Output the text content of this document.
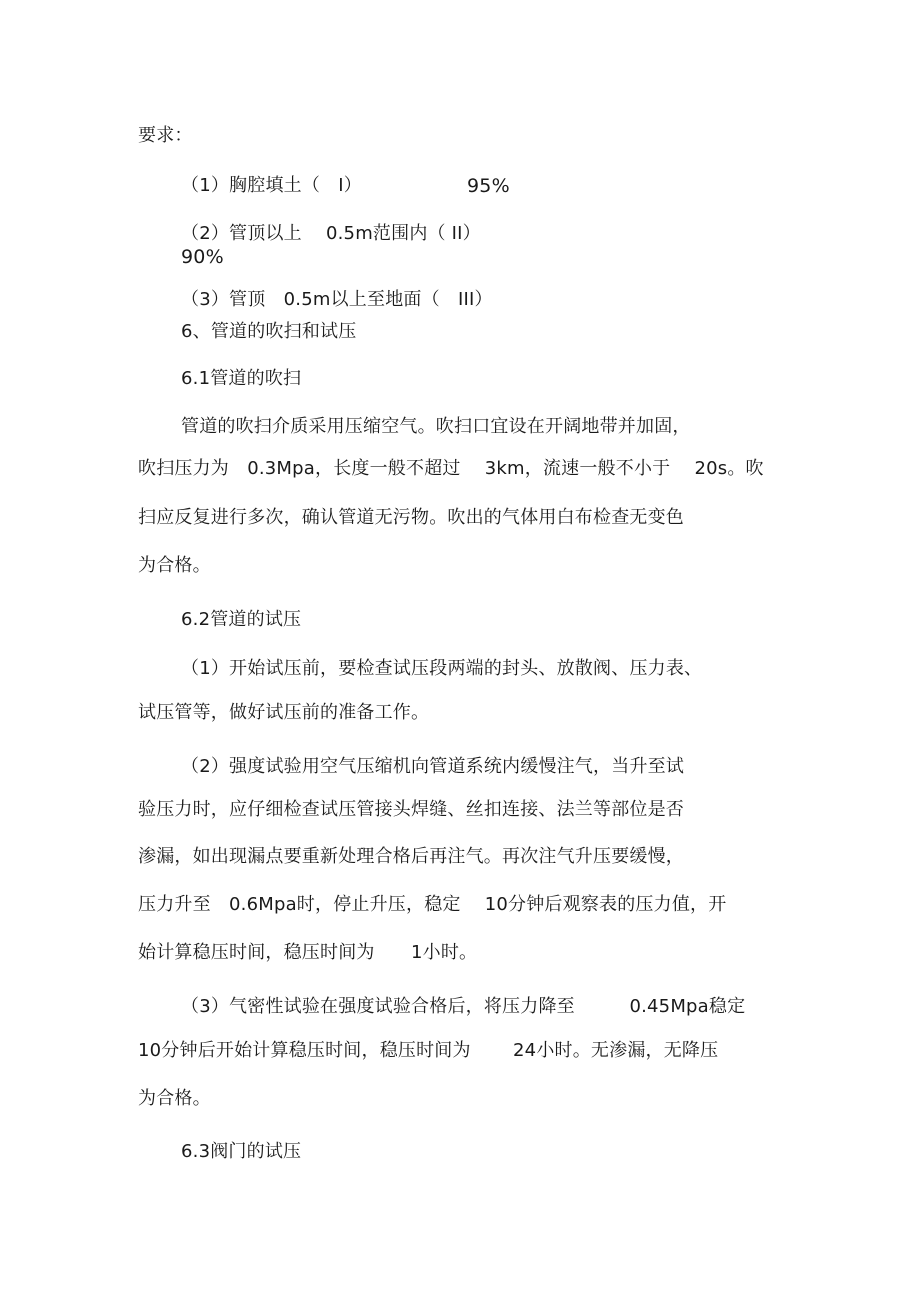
要求：
（1）胸腔填土（　I）	95%
（2）管顶以上　 0.5m范围内（ II）
90%
（3）管顶　0.5m以上至地面（　III）
6、管道的吹扫和试压
6.1管道的吹扫
管道的吹扫介质采用压缩空气。吹扫口宜设在开阔地带并加固，
吹扫压力为　0.3Mpa，长度一般不超过　 3km，流速一般不小于　 20s。吹
扫应反复进行多次，确认管道无污物。吹出的气体用白布检查无变色
为合格。
6.2管道的试压
（1）开始试压前，要检查试压段两端的封头、放散阀、压力表、
试压管等，做好试压前的准备工作。
（2）强度试验用空气压缩机向管道系统内缓慢注气，当升至试
验压力时，应仔细检查试压管接头焊缝、丝扣连接、法兰等部位是否
渗漏，如出现漏点要重新处理合格后再注气。再次注气升压要缓慢，
压力升至　0.6Mpa时，停止升压，稳定　 10分钟后观察表的压力值，开
始计算稳压时间，稳压时间为　　1小时。
（3）气密性试验在强度试验合格后，将压力降至　　　0.45Mpa稳定
10分钟后开始计算稳压时间，稳压时间为　　 24小时。无渗漏，无降压
为合格。
6.3阀门的试压
